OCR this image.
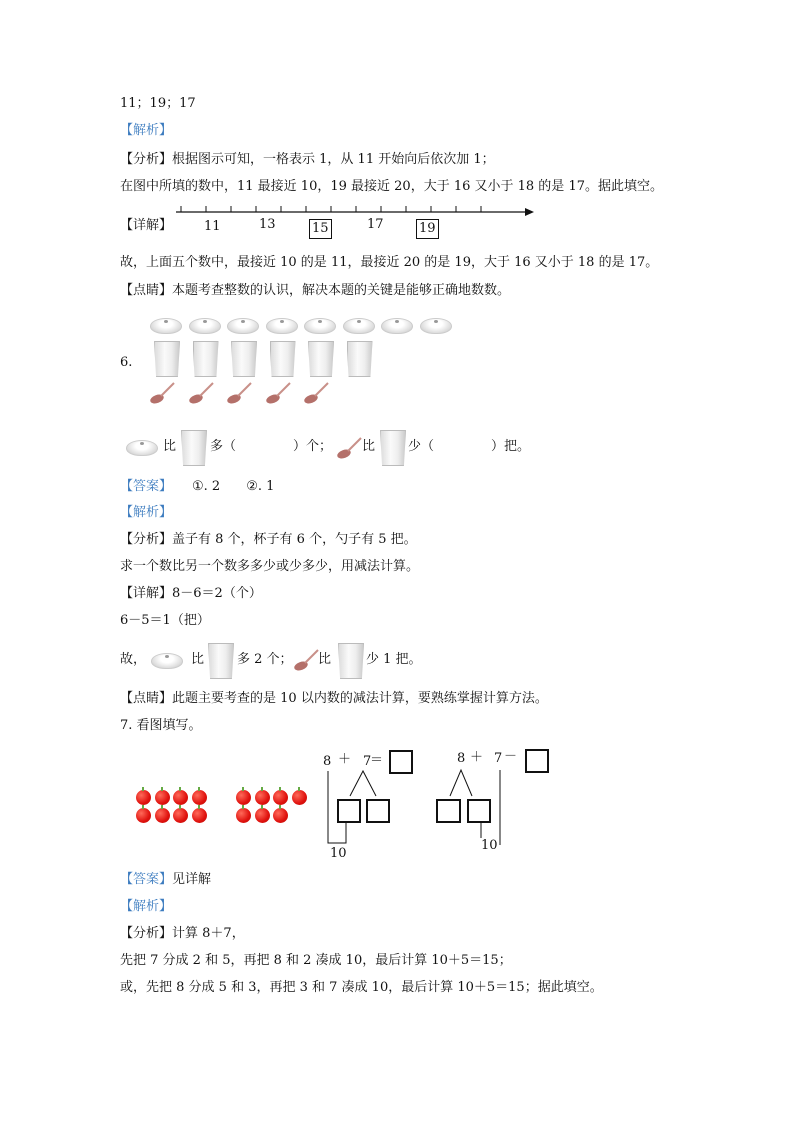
11；19；17
【解析】
【分析】根据图示可知，一格表示 1，从 11 开始向后依次加 1；
在图中所填的数中，11 最接近 10，19 最接近 20，大于 16 又小于 18 的是 17。据此填空。
【详解】 11	13	15	17	19
故，上面五个数中，最接近 10 的是 11，最接近 20 的是 19，大于 16 又小于 18 的是 17。
【点睛】本题考查整数的认识，解决本题的关键是能够正确地数数。
6.
比	多（	）个； 比	少（	）把。
【答案】 ①. 2　　②. 1
【解析】
【分析】盖子有 8 个，杯子有 6 个，勺子有 5 把。
求一个数比另一个数多多少或少多少，用减法计算。
【详解】8－6＝2（个）
6－5＝1（把）
故，	比	多 2 个； 比	少 1 把。
【点睛】此题主要考查的是 10 以内数的减法计算，要熟练掌握计算方法。
7. 看图填写。
8 ＋ 7
＝
10
8 ＋ 7 －
10
【答案】见详解
【解析】
【分析】计算 8＋7，
先把 7 分成 2 和 5，再把 8 和 2 凑成 10，最后计算 10＋5＝15；
或，先把 8 分成 5 和 3，再把 3 和 7 凑成 10，最后计算 10＋5＝15；据此填空。
